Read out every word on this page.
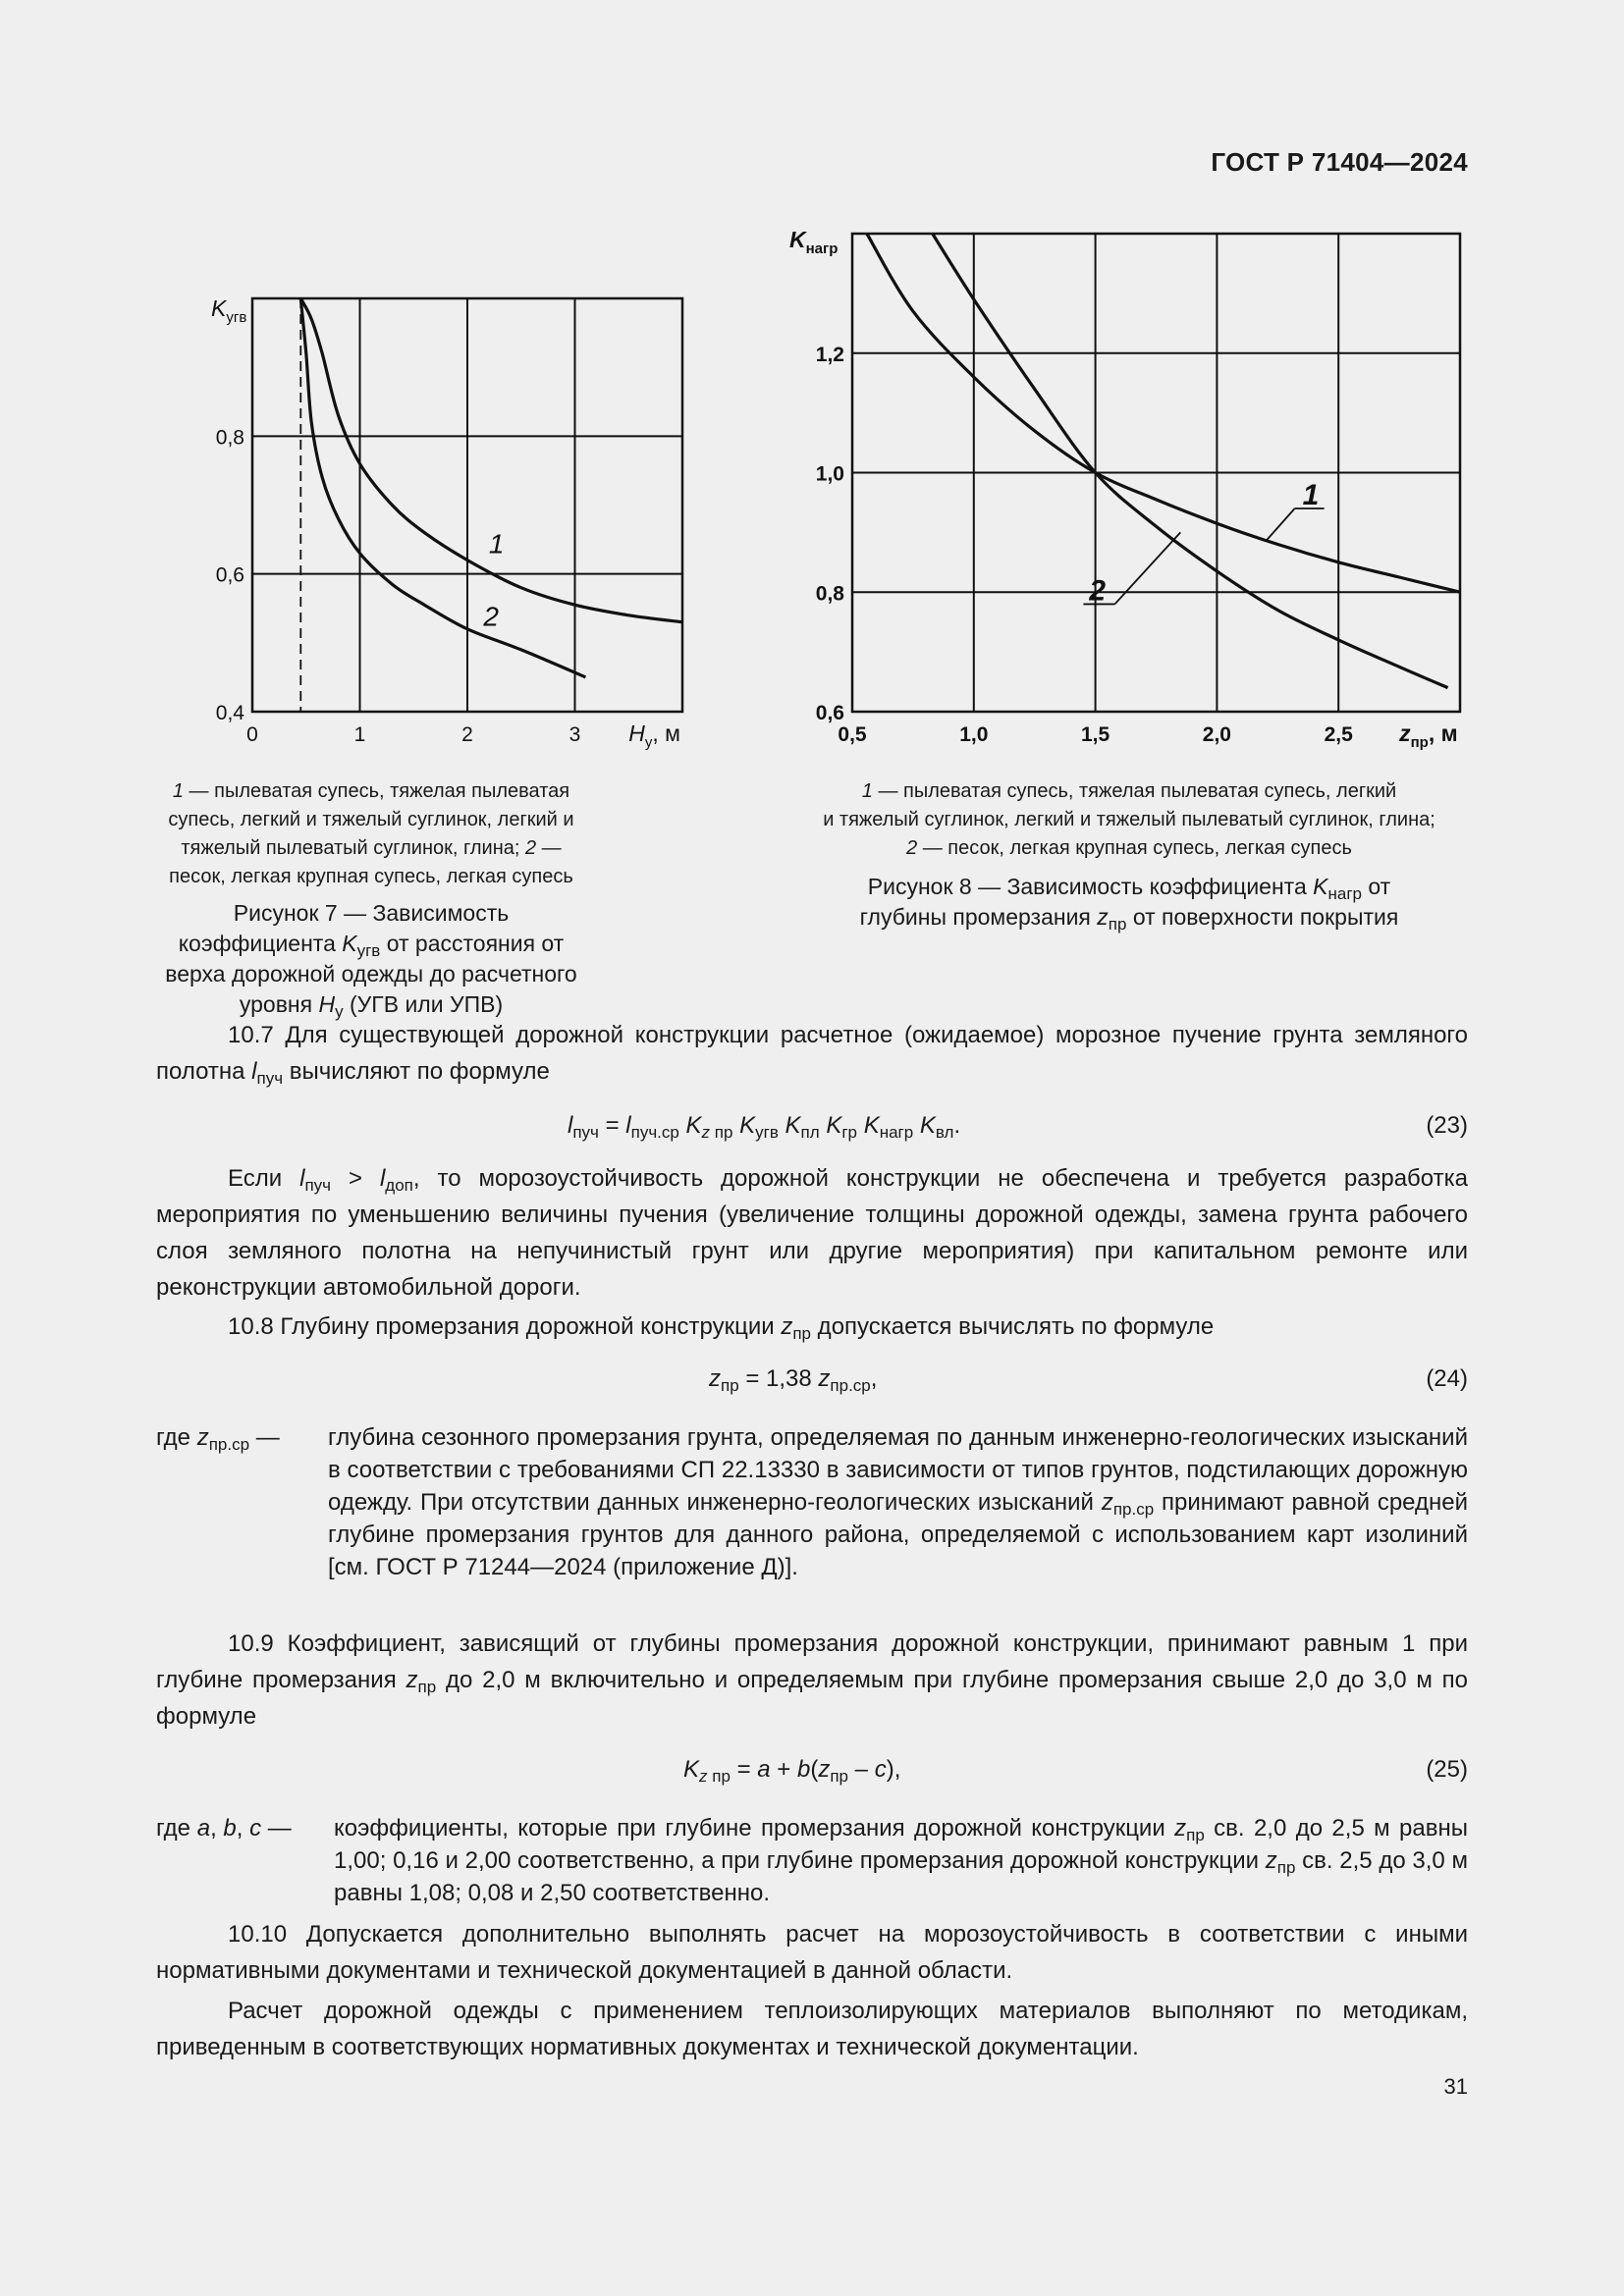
ГОСТ Р 71404—2024
0	1	2	3
0,4
0,6
0,8
$K_{угв}$
$H_у$, м
1
2
0,5	1,0	1,5	2,0	2,5
0,6
0,8
1,0
1,2
$K_{нагр}$
$z_{пр}$, м
1
2
1 — пылеватая супесь, тяжелая пылеватая супесь, легкий и тяжелый суглинок, легкий и тяжелый пылеватый суглинок, глина; 2 — песок, легкая крупная супесь, легкая супесь
Рисунок 7 — Зависимость коэффициента $K_{угв}$ от расстояния от верха дорожной одежды до расчетного уровня $H_у$ (УГВ или УПВ)
1 — пылеватая супесь, тяжелая пылеватая супесь, легкий
и тяжелый суглинок, легкий и тяжелый пылеватый суглинок, глина;
2 — песок, легкая крупная супесь, легкая супесь
Рисунок 8 — Зависимость коэффициента $K_{нагр}$ от глубины промерзания $z_{пр}$ от поверхности покрытия
10.7 Для существующей дорожной конструкции расчетное (ожидаемое) морозное пучение грунта земляного полотна $l_{пуч}$ вычисляют по формуле
$l_{пуч} = l_{пуч.ср}$ $K_{z пр}$ $K_{угв}$ $K_{пл}$ $K_{гр}$ $K_{нагр}$ $K_{вл}$.	(23)
Если $l_{пуч} > l_{доп}$, то морозоустойчивость дорожной конструкции не обеспечена и требуется разработка мероприятия по уменьшению величины пучения (увеличение толщины дорожной одежды, замена грунта рабочего слоя земляного полотна на непучинистый грунт или другие мероприятия) при капитальном ремонте или реконструкции автомобильной дороги.
10.8 Глубину промерзания дорожной конструкции $z_{пр}$ допускается вычислять по формуле
$z_{пр} = 1,38$ $z_{пр.ср}$,	(24)
где $z_{пр.ср}$ — глубина сезонного промерзания грунта, определяемая по данным инженерно-геологических изысканий в соответствии с требованиями СП 22.13330 в зависимости от типов грунтов, подстилающих дорожную одежду. При отсутствии данных инженерно-геологических изысканий $z_{пр.ср}$ принимают равной средней глубине промерзания грунтов для данного района, определяемой с использованием карт изолиний [см. ГОСТ Р 71244—2024 (приложение Д)].
10.9 Коэффициент, зависящий от глубины промерзания дорожной конструкции, принимают равным 1 при глубине промерзания $z_{пр}$ до 2,0 м включительно и определяемым при глубине промерзания свыше 2,0 до 3,0 м по формуле
$K_{z пр} = a + b(z_{пр} - c)$,	(25)
где a, b, c — коэффициенты, которые при глубине промерзания дорожной конструкции $z_{пр}$ св. 2,0 до 2,5 м равны 1,00; 0,16 и 2,00 соответственно, а при глубине промерзания дорожной конструкции $z_{пр}$ св. 2,5 до 3,0 м равны 1,08; 0,08 и 2,50 соответственно.
10.10 Допускается дополнительно выполнять расчет на морозоустойчивость в соответствии с иными нормативными документами и технической документацией в данной области.
Расчет дорожной одежды с применением теплоизолирующих материалов выполняют по методикам, приведенным в соответствующих нормативных документах и технической документации.
31
